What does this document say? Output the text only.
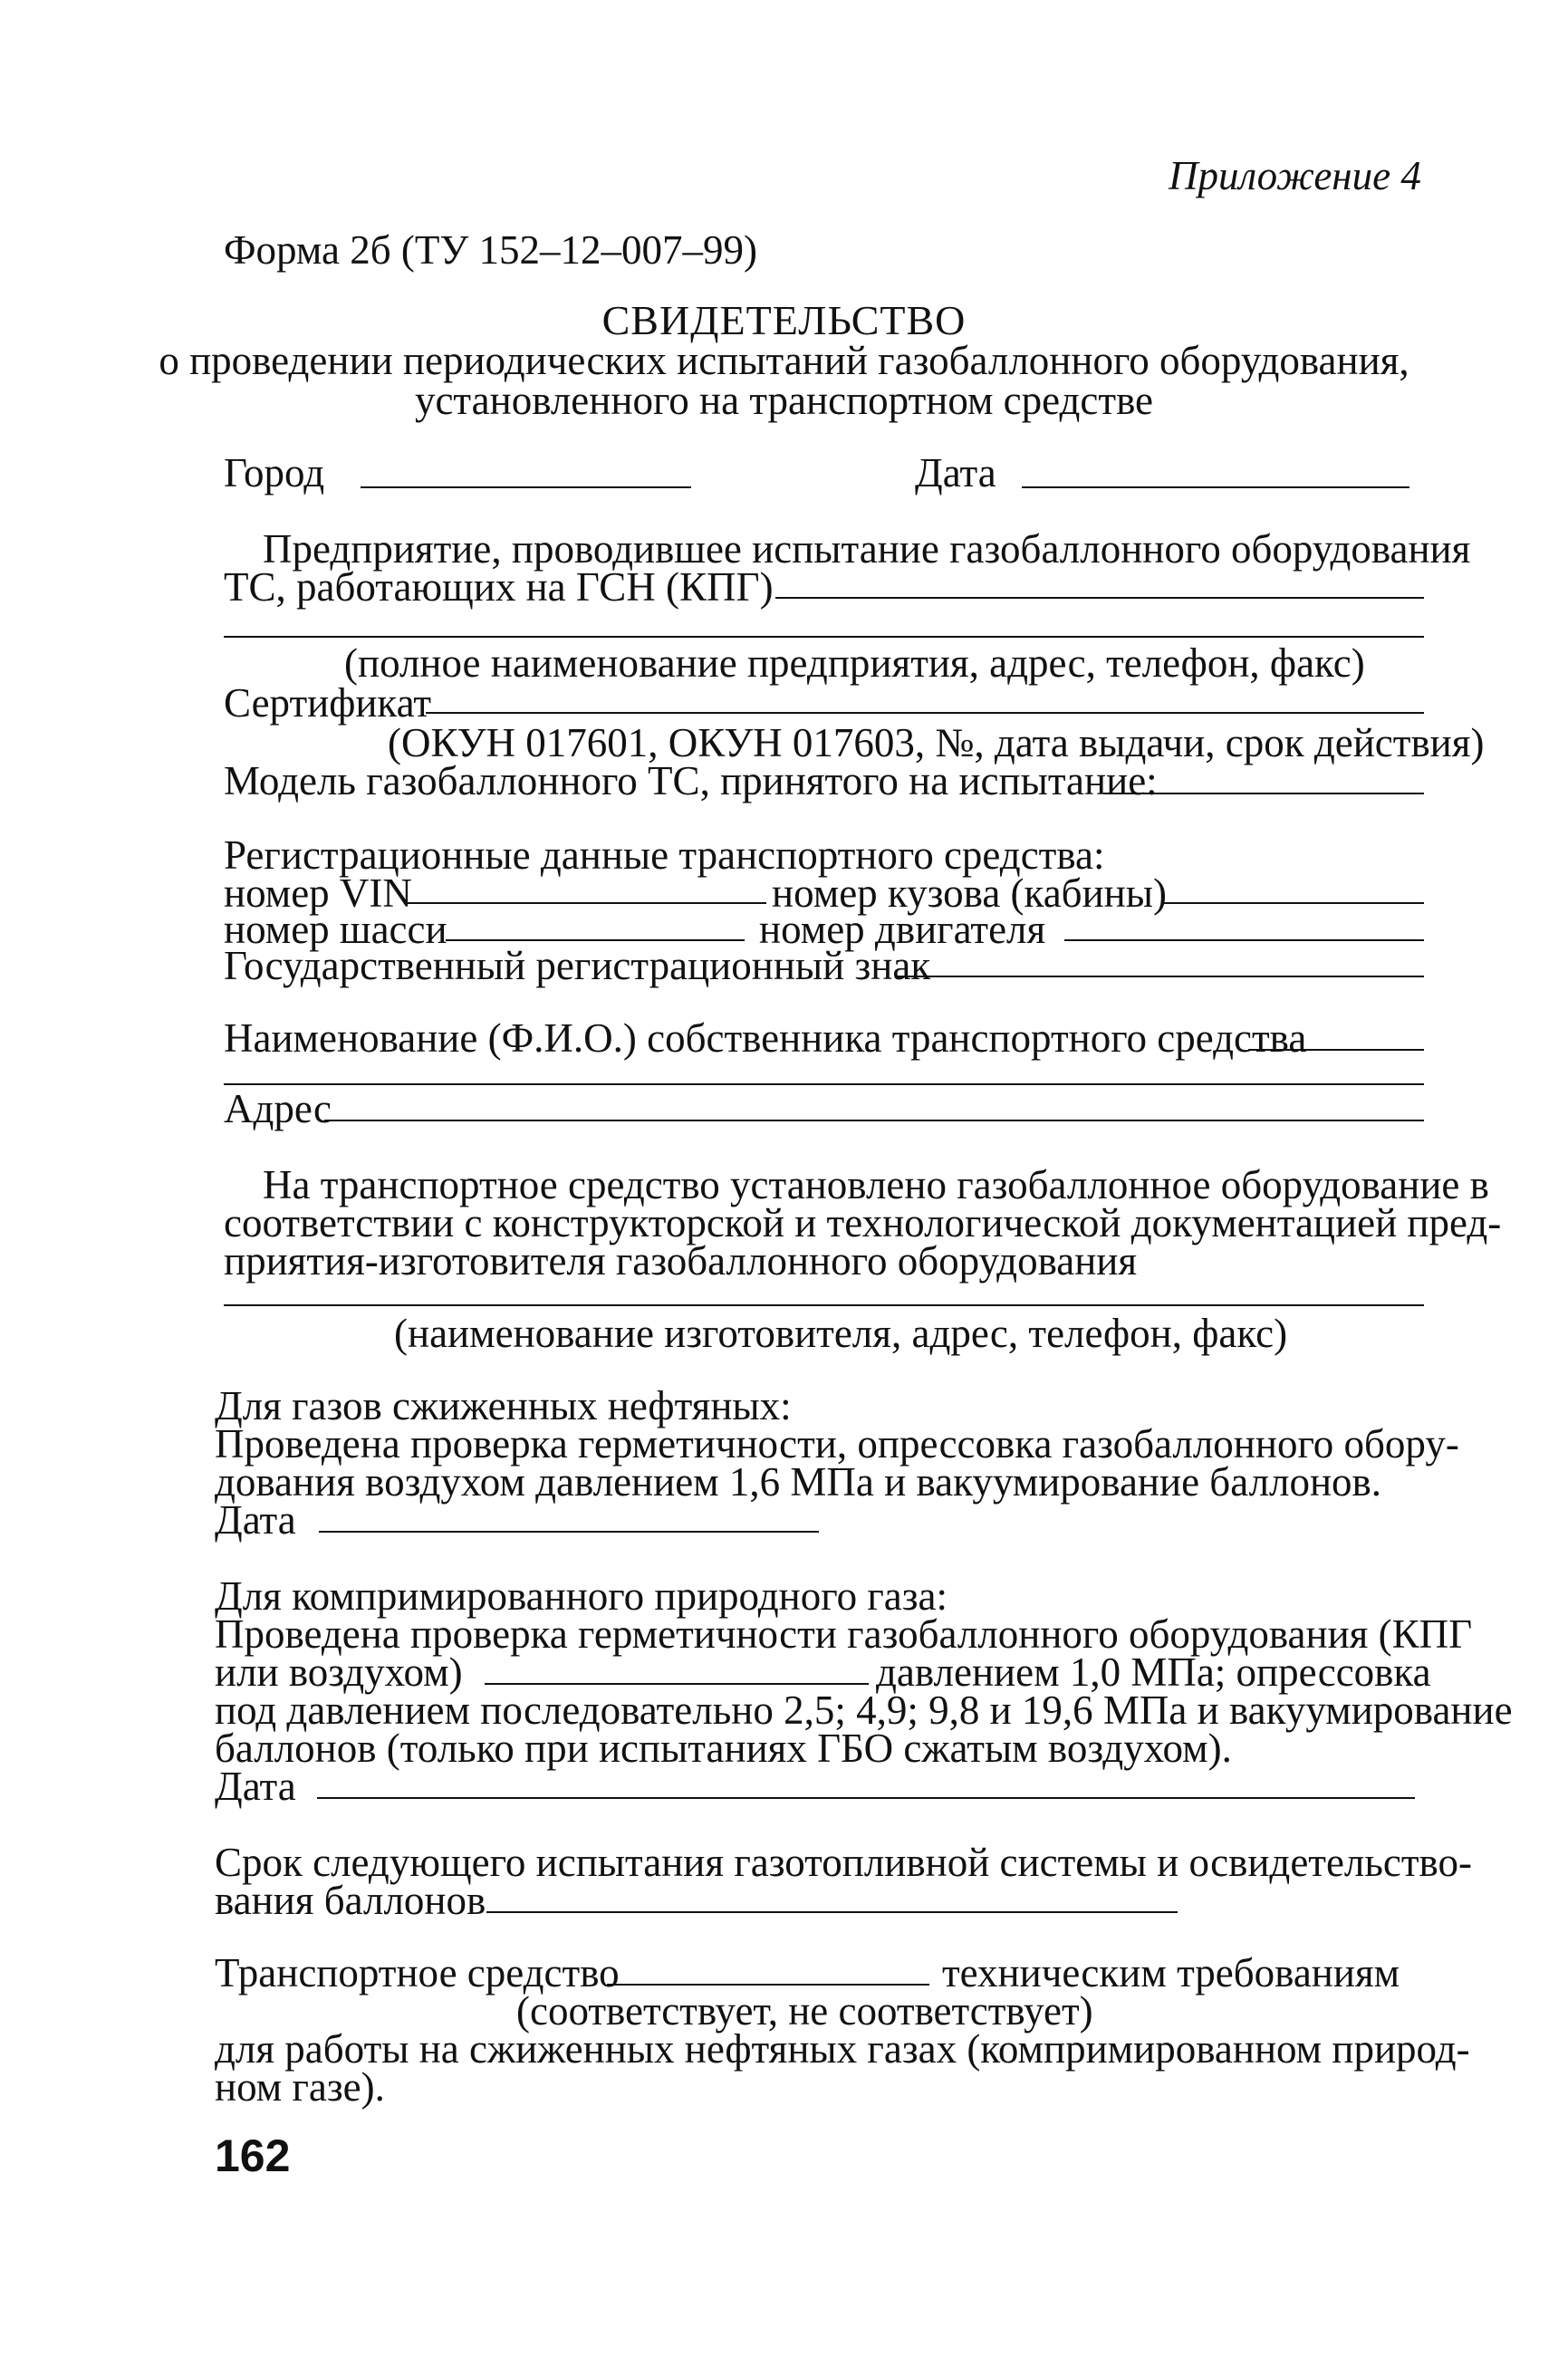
Приложение 4
Форма 2б (ТУ 152–12–007–99)
СВИДЕТЕЛЬСТВО
о проведении периодических испытаний газобаллонного оборудования,
установленного на транспортном средстве
Город	Дата
Предприятие, проводившее испытание газобаллонного оборудования
ТС, работающих на ГСН (КПГ)
(полное наименование предприятия, адрес, телефон, факс)
Сертификат
(ОКУН 017601, ОКУН 017603, №, дата выдачи, срок действия)
Модель газобаллонного ТС, принятого на испытание:
Регистрационные данные транспортного средства:
номер VIN	номер кузова (кабины)
номер шасси	номер двигателя
Государственный регистрационный знак
Наименование (Ф.И.О.) собственника транспортного средства
Адрес
На транспортное средство установлено газобаллонное оборудование в
соответствии с конструкторской и технологической документацией пред-
приятия-изготовителя газобаллонного оборудования
(наименование изготовителя, адрес, телефон, факс)
Для газов сжиженных нефтяных:
Проведена проверка герметичности, опрессовка газобаллонного обору-
дования воздухом давлением 1,6 МПа и вакуумирование баллонов.
Дата
Для компримированного природного газа:
Проведена проверка герметичности газобаллонного оборудования (КПГ
или воздухом)	давлением 1,0 МПа; опрессовка
под давлением последовательно 2,5; 4,9; 9,8 и 19,6 МПа и вакуумирование
баллонов (только при испытаниях ГБО сжатым воздухом).
Дата
Срок следующего испытания газотопливной системы и освидетельство-
вания баллонов
Транспортное средство	техническим требованиям
(соответствует, не соответствует)
для работы на сжиженных нефтяных газах (компримированном природ-
ном газе).
162
